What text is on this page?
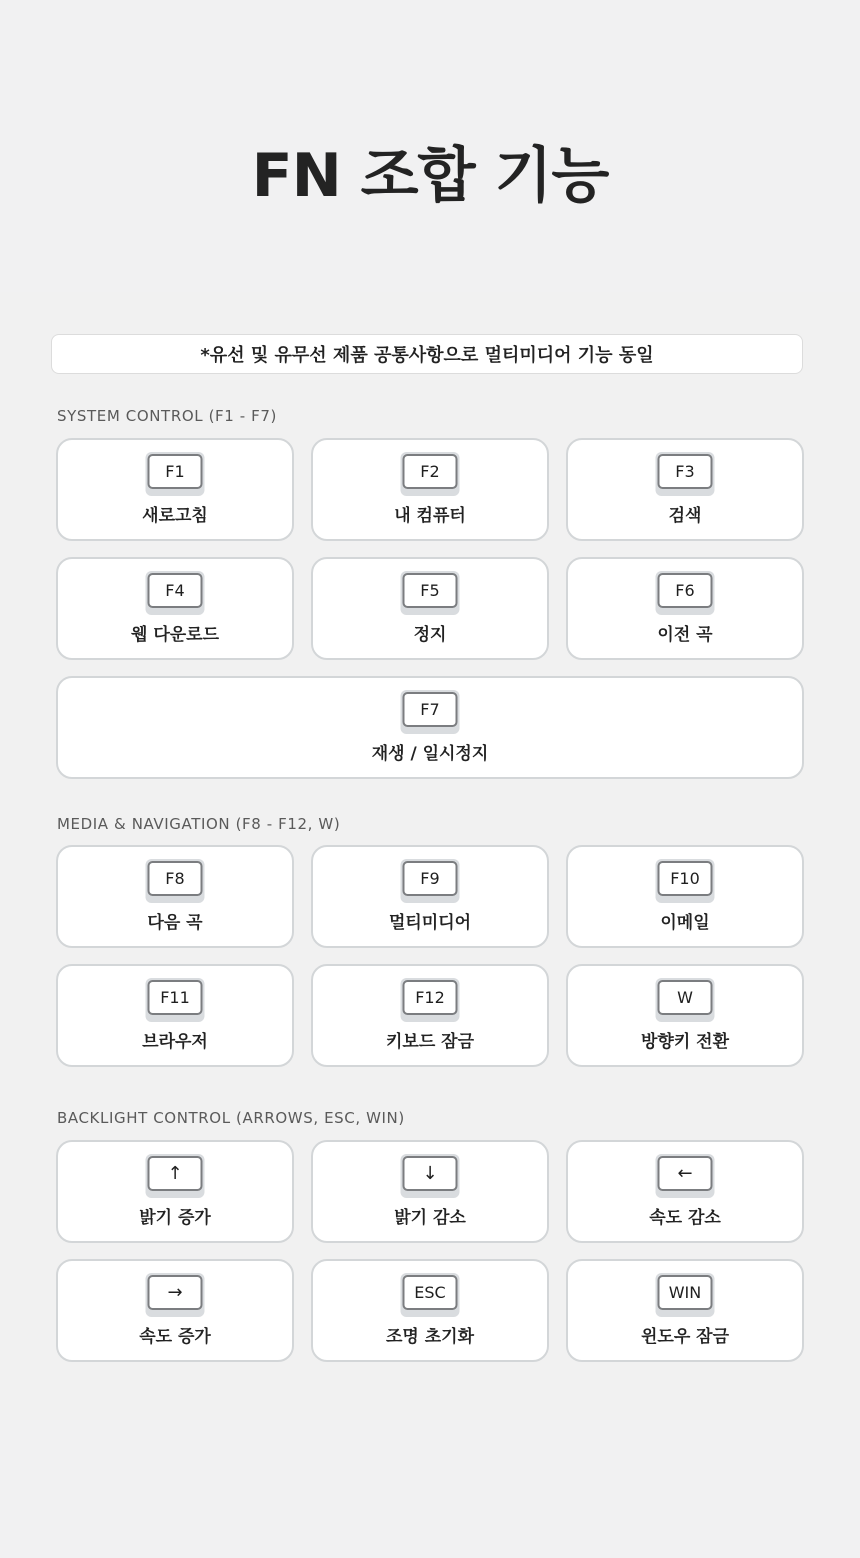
FN 조합 기능
*유선 및 유무선 제품 공통사항으로 멀티미디어 기능 동일
SYSTEM CONTROL (F1 - F7)
F1
새로고침
F2
내 컴퓨터
F3
검색
F4
웹 다운로드
F5
정지
F6
이전 곡
F7
재생 / 일시정지
MEDIA & NAVIGATION (F8 - F12, W)
F8
다음 곡
F9
멀티미디어
F10
이메일
F11
브라우저
F12
키보드 잠금
W
방향키 전환
BACKLIGHT CONTROL (ARROWS, ESC, WIN)
↑
밝기 증가
↓
밝기 감소
←
속도 감소
→
속도 증가
ESC
조명 초기화
WIN
윈도우 잠금
